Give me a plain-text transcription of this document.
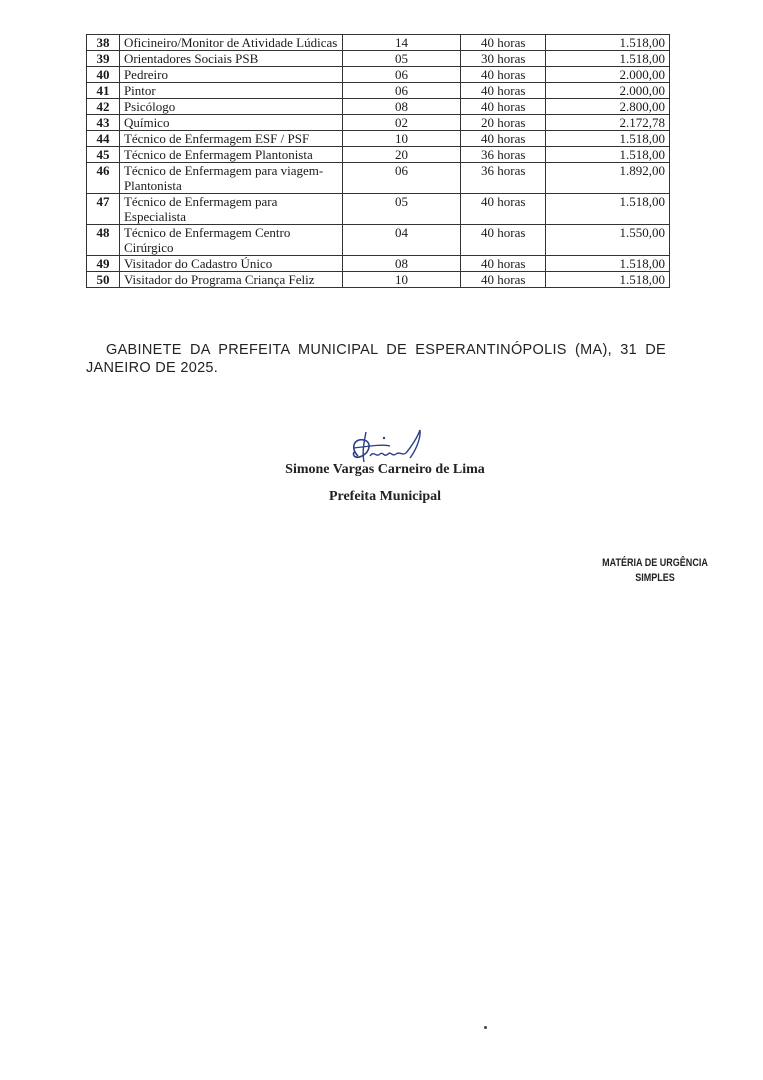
38	Oficineiro/Monitor de Atividade Lúdicas	14	40 horas	1.518,00
39	Orientadores Sociais PSB	05	30 horas	1.518,00
40	Pedreiro	06	40 horas	2.000,00
41	Pintor	06	40 horas	2.000,00
42	Psicólogo	08	40 horas	2.800,00
43	Químico	02	20 horas	2.172,78
44	Técnico de Enfermagem ESF / PSF	10	40 horas	1.518,00
45	Técnico de Enfermagem Plantonista	20	36 horas	1.518,00
46	Técnico de Enfermagem para viagem-Plantonista	06	36 horas	1.892,00
47	Técnico de Enfermagem para Especialista	05	40 horas	1.518,00
48	Técnico de Enfermagem Centro Cirúrgico	04	40 horas	1.550,00
49	Visitador do Cadastro Único	08	40 horas	1.518,00
50	Visitador do Programa Criança Feliz	10	40 horas	1.518,00

GABINETE DA PREFEITA MUNICIPAL DE ESPERANTINÓPOLIS (MA), 31 DE JANEIRO DE 2025.

Simone Vargas Carneiro de Lima
Prefeita Municipal
MATÉRIA DE URGÊNCIA
SIMPLES
